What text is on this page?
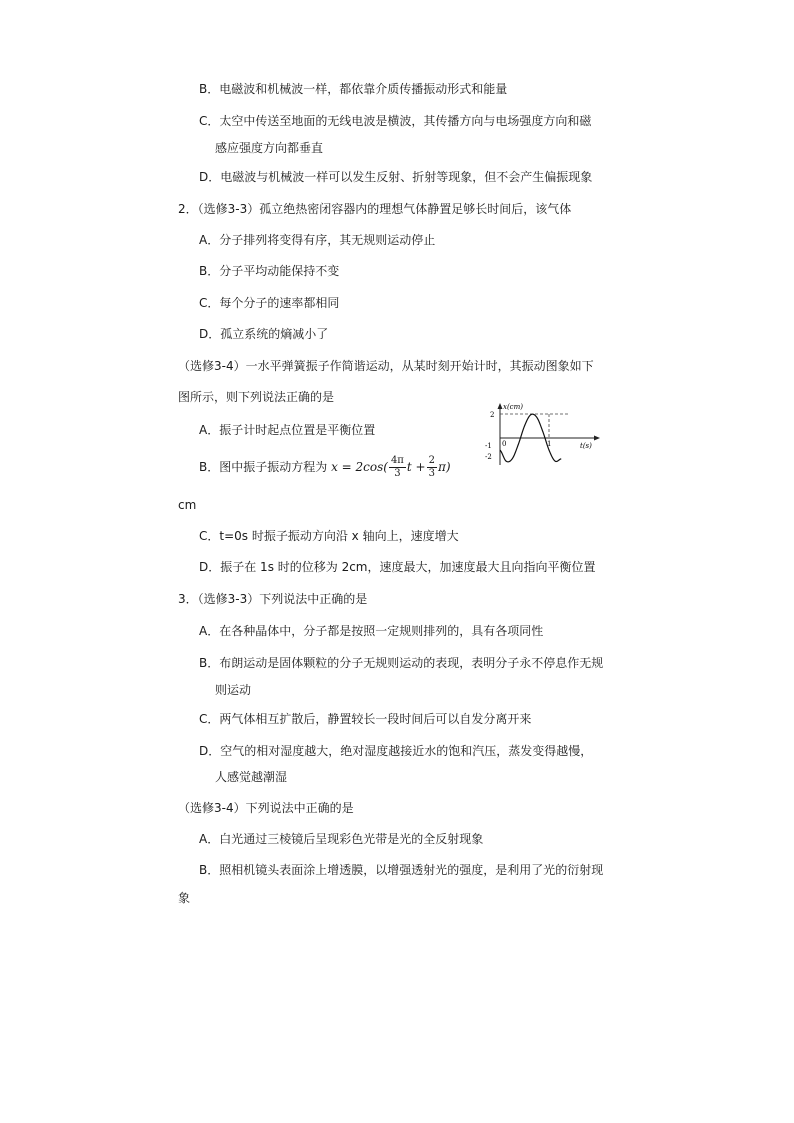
B．电磁波和机械波一样，都依靠介质传播振动形式和能量
C．太空中传送至地面的无线电波是横波，其传播方向与电场强度方向和磁
感应强度方向都垂直
D．电磁波与机械波一样可以发生反射、折射等现象，但不会产生偏振现象
2．（选修3-3）孤立绝热密闭容器内的理想气体静置足够长时间后，该气体
A．分子排列将变得有序，其无规则运动停止
B．分子平均动能保持不变
C．每个分子的速率都相同
D．孤立系统的熵减小了
（选修3-4）一水平弹簧振子作简谐运动，从某时刻开始计时，其振动图象如下
图所示，则下列说法正确的是
A．振子计时起点位置是平衡位置
B．图中振子振动方程为 $x = 2\cos( \frac{4\pi}{3}$ $t + \frac{2}{3} \pi$)
cm
C．t=0s 时振子振动方向沿 x 轴向上，速度增大
D．振子在 1s 时的位移为 2cm，速度最大，加速度最大且向指向平衡位置
3．（选修3-3）下列说法中正确的是
A．在各种晶体中，分子都是按照一定规则排列的，具有各项同性
B．布朗运动是固体颗粒的分子无规则运动的表现，表明分子永不停息作无规
则运动
C．两气体相互扩散后，静置较长一段时间后可以自发分离开来
D．空气的相对湿度越大，绝对湿度越接近水的饱和汽压，蒸发变得越慢，
人感觉越潮湿
（选修3-4）下列说法中正确的是
A．白光通过三棱镜后呈现彩色光带是光的全反射现象
B．照相机镜头表面涂上增透膜，以增强透射光的强度，是利用了光的衍射现
象
x(cm)
t(s)
2
0
-1
-2
1
